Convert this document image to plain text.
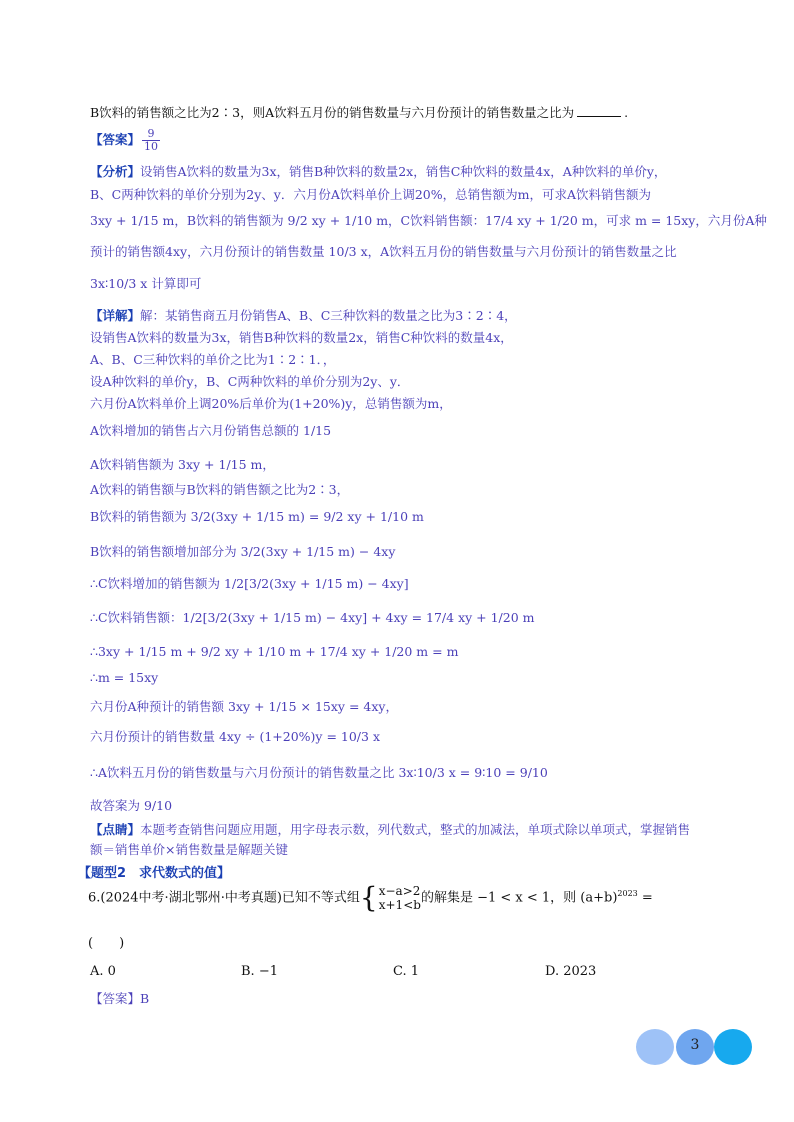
B饮料的销售额之比为2∶3，则A饮料五月份的销售数量与六月份预计的销售数量之比为	.
【答案】 $\frac{9}{10}$
【分析】设销售A饮料的数量为3x，销售B种饮料的数量2x，销售C种饮料的数量4x，A种饮料的单价y，
B、C两种饮料的单价分别为2y、y．六月份A饮料单价上调20%，总销售额为m，可求A饮料销售额为
3xy + 1/15 m，B饮料的销售额为 9/2 xy + 1/10 m，C饮料销售额：17/4 xy + 1/20 m，可求 m = 15xy，六月份A种
预计的销售额4xy，六月份预计的销售数量 10/3 x，A饮料五月份的销售数量与六月份预计的销售数量之比
3x∶10/3 x 计算即可
【详解】解：某销售商五月份销售A、B、C三种饮料的数量之比为3∶2∶4，
设销售A饮料的数量为3x，销售B种饮料的数量2x，销售C种饮料的数量4x，
A、B、C三种饮料的单价之比为1∶2∶1．，
设A种饮料的单价y，B、C两种饮料的单价分别为2y、y．
六月份A饮料单价上调20%后单价为(1+20%)y，总销售额为m，
A饮料增加的销售占六月份销售总额的 1/15
A饮料销售额为 3xy + 1/15 m，
A饮料的销售额与B饮料的销售额之比为2∶3，
B饮料的销售额为 3/2(3xy + 1/15 m) = 9/2 xy + 1/10 m
B饮料的销售额增加部分为 3/2(3xy + 1/15 m) − 4xy
∴C饮料增加的销售额为 1/2[3/2(3xy + 1/15 m) − 4xy]
∴C饮料销售额：1/2[3/2(3xy + 1/15 m) − 4xy] + 4xy = 17/4 xy + 1/20 m
∴3xy + 1/15 m + 9/2 xy + 1/10 m + 17/4 xy + 1/20 m = m
∴m = 15xy
六月份A种预计的销售额 3xy + 1/15 × 15xy = 4xy，
六月份预计的销售数量 4xy ÷ (1+20%)y = 10/3 x
∴A饮料五月份的销售数量与六月份预计的销售数量之比 3x∶10/3 x = 9∶10 = 9/10
故答案为 9/10
【点睛】本题考查销售问题应用题，用字母表示数，列代数式，整式的加减法，单项式除以单项式，掌握销售
额＝销售单价×销售数量是解题关键
【题型2　求代数式的值】
6.(2024中考·湖北鄂州·中考真题)已知不等式组{ x−a>2
x+1<b 的解集是 −1 < x < 1，则 $(a+b)^{2023}$ =
(　　)
A. 0	B. −1	C. 1	D. 2023
【答案】B
3
